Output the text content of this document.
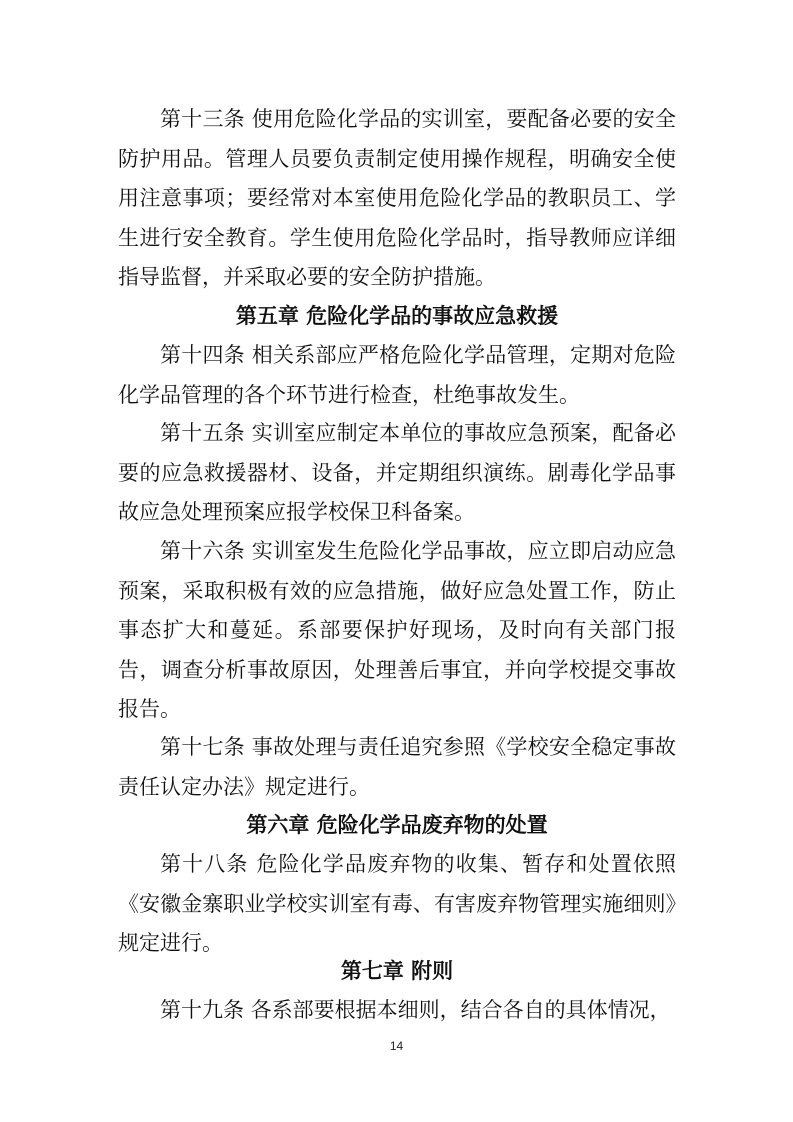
第十三条 使用危险化学品的实训室，要配备必要的安全防护用品。管理人员要负责制定使用操作规程，明确安全使用注意事项；要经常对本室使用危险化学品的教职员工、学生进行安全教育。学生使用危险化学品时，指导教师应详细指导监督，并采取必要的安全防护措施。

第五章 危险化学品的事故应急救援

第十四条 相关系部应严格危险化学品管理，定期对危险化学品管理的各个环节进行检查，杜绝事故发生。

第十五条 实训室应制定本单位的事故应急预案，配备必要的应急救援器材、设备，并定期组织演练。剧毒化学品事故应急处理预案应报学校保卫科备案。

第十六条 实训室发生危险化学品事故，应立即启动应急预案，采取积极有效的应急措施，做好应急处置工作，防止事态扩大和蔓延。系部要保护好现场，及时向有关部门报告，调查分析事故原因，处理善后事宜，并向学校提交事故报告。

第十七条 事故处理与责任追究参照《学校安全稳定事故责任认定办法》规定进行。

第六章 危险化学品废弃物的处置

第十八条 危险化学品废弃物的收集、暂存和处置依照《安徽金寨职业学校实训室有毒、有害废弃物管理实施细则》规定进行。

第七章 附则

第十九条 各系部要根据本细则，结合各自的具体情况，

14
